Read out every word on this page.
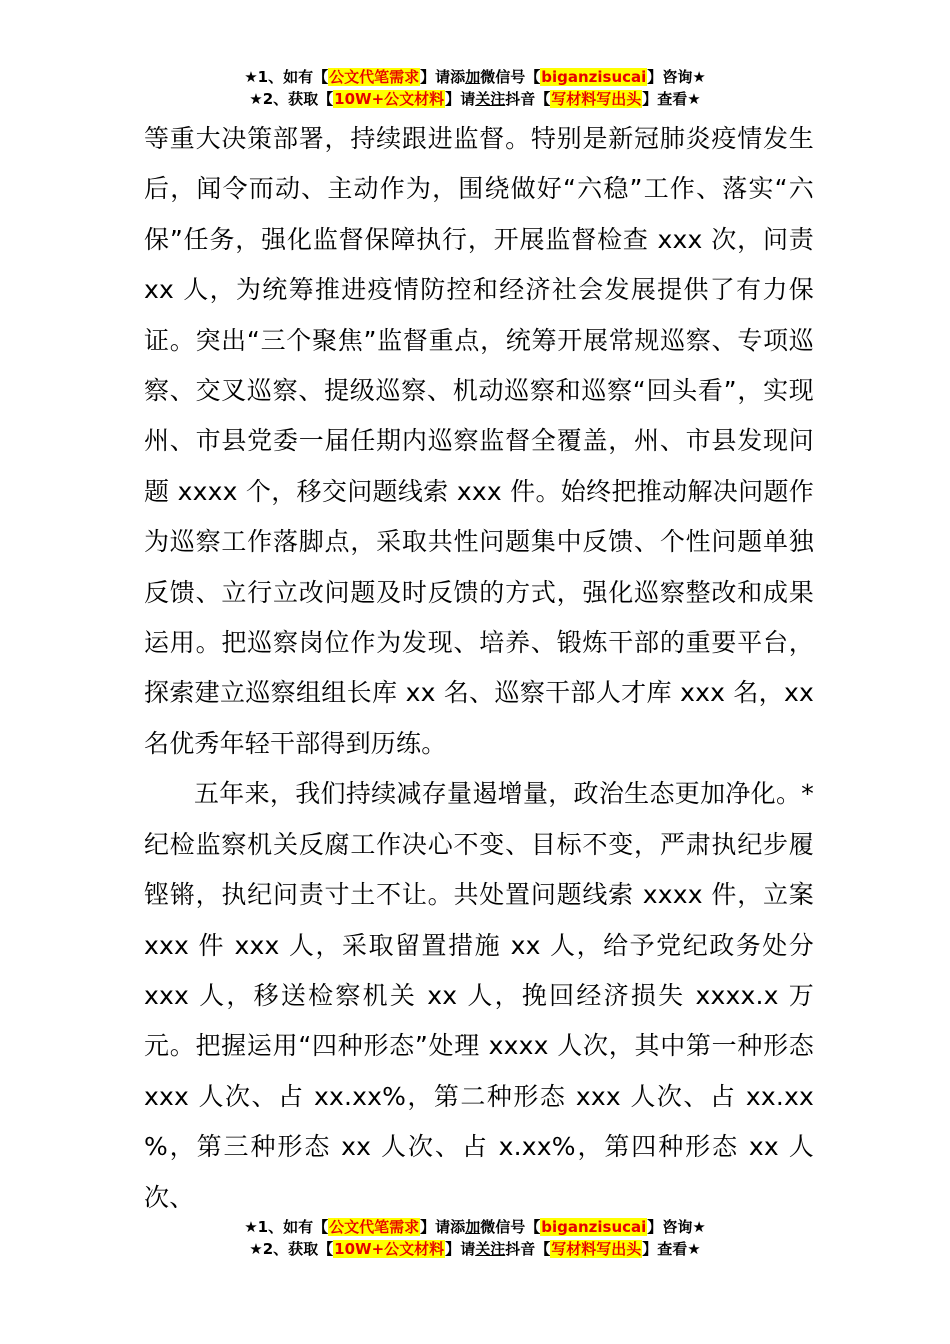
★1、如有【公文代笔需求】请添加微信号【biganzisucai】咨询★
★2、获取【10W+公文材料】请关注抖音【写材料写出头】查看★

等重大决策部署，持续跟进监督。特别是新冠肺炎疫情发生后，闻令而动、主动作为，围绕做好“六稳”工作、落实“六保”任务，强化监督保障执行，开展监督检查 xxx 次，问责 xx 人，为统筹推进疫情防控和经济社会发展提供了有力保证。突出“三个聚焦”监督重点，统筹开展常规巡察、专项巡察、交叉巡察、提级巡察、机动巡察和巡察“回头看”，实现州、市县党委一届任期内巡察监督全覆盖，州、市县发现问题 xxxx 个，移交问题线索 xxx 件。始终把推动解决问题作为巡察工作落脚点，采取共性问题集中反馈、个性问题单独反馈、立行立改问题及时反馈的方式，强化巡察整改和成果运用。把巡察岗位作为发现、培养、锻炼干部的重要平台，探索建立巡察组组长库 xx 名、巡察干部人才库 xxx 名，xx 名优秀年轻干部得到历练。

五年来，我们持续减存量遏增量，政治生态更加净化。*纪检监察机关反腐工作决心不变、目标不变，严肃执纪步履铿锵，执纪问责寸土不让。共处置问题线索 xxxx 件，立案 xxx 件 xxx 人，采取留置措施 xx 人，给予党纪政务处分 xxx 人，移送检察机关 xx 人，挽回经济损失 xxxx.x 万元。把握运用“四种形态”处理 xxxx 人次，其中第一种形态 xxx 人次、占 xx.xx%，第二种形态 xxx 人次、占 xx.xx %，第三种形态 xx 人次、占 x.xx%，第四种形态 xx 人次、

★1、如有【公文代笔需求】请添加微信号【biganzisucai】咨询★
★2、获取【10W+公文材料】请关注抖音【写材料写出头】查看★
